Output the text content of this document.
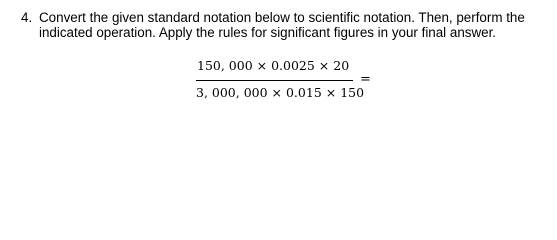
4. Convert the given standard notation below to scientific notation. Then, perform the
indicated operation. Apply the rules for significant figures in your final answer.
150, 000 × 0.0025 × 20
3, 000, 000 × 0.015 × 150
=
